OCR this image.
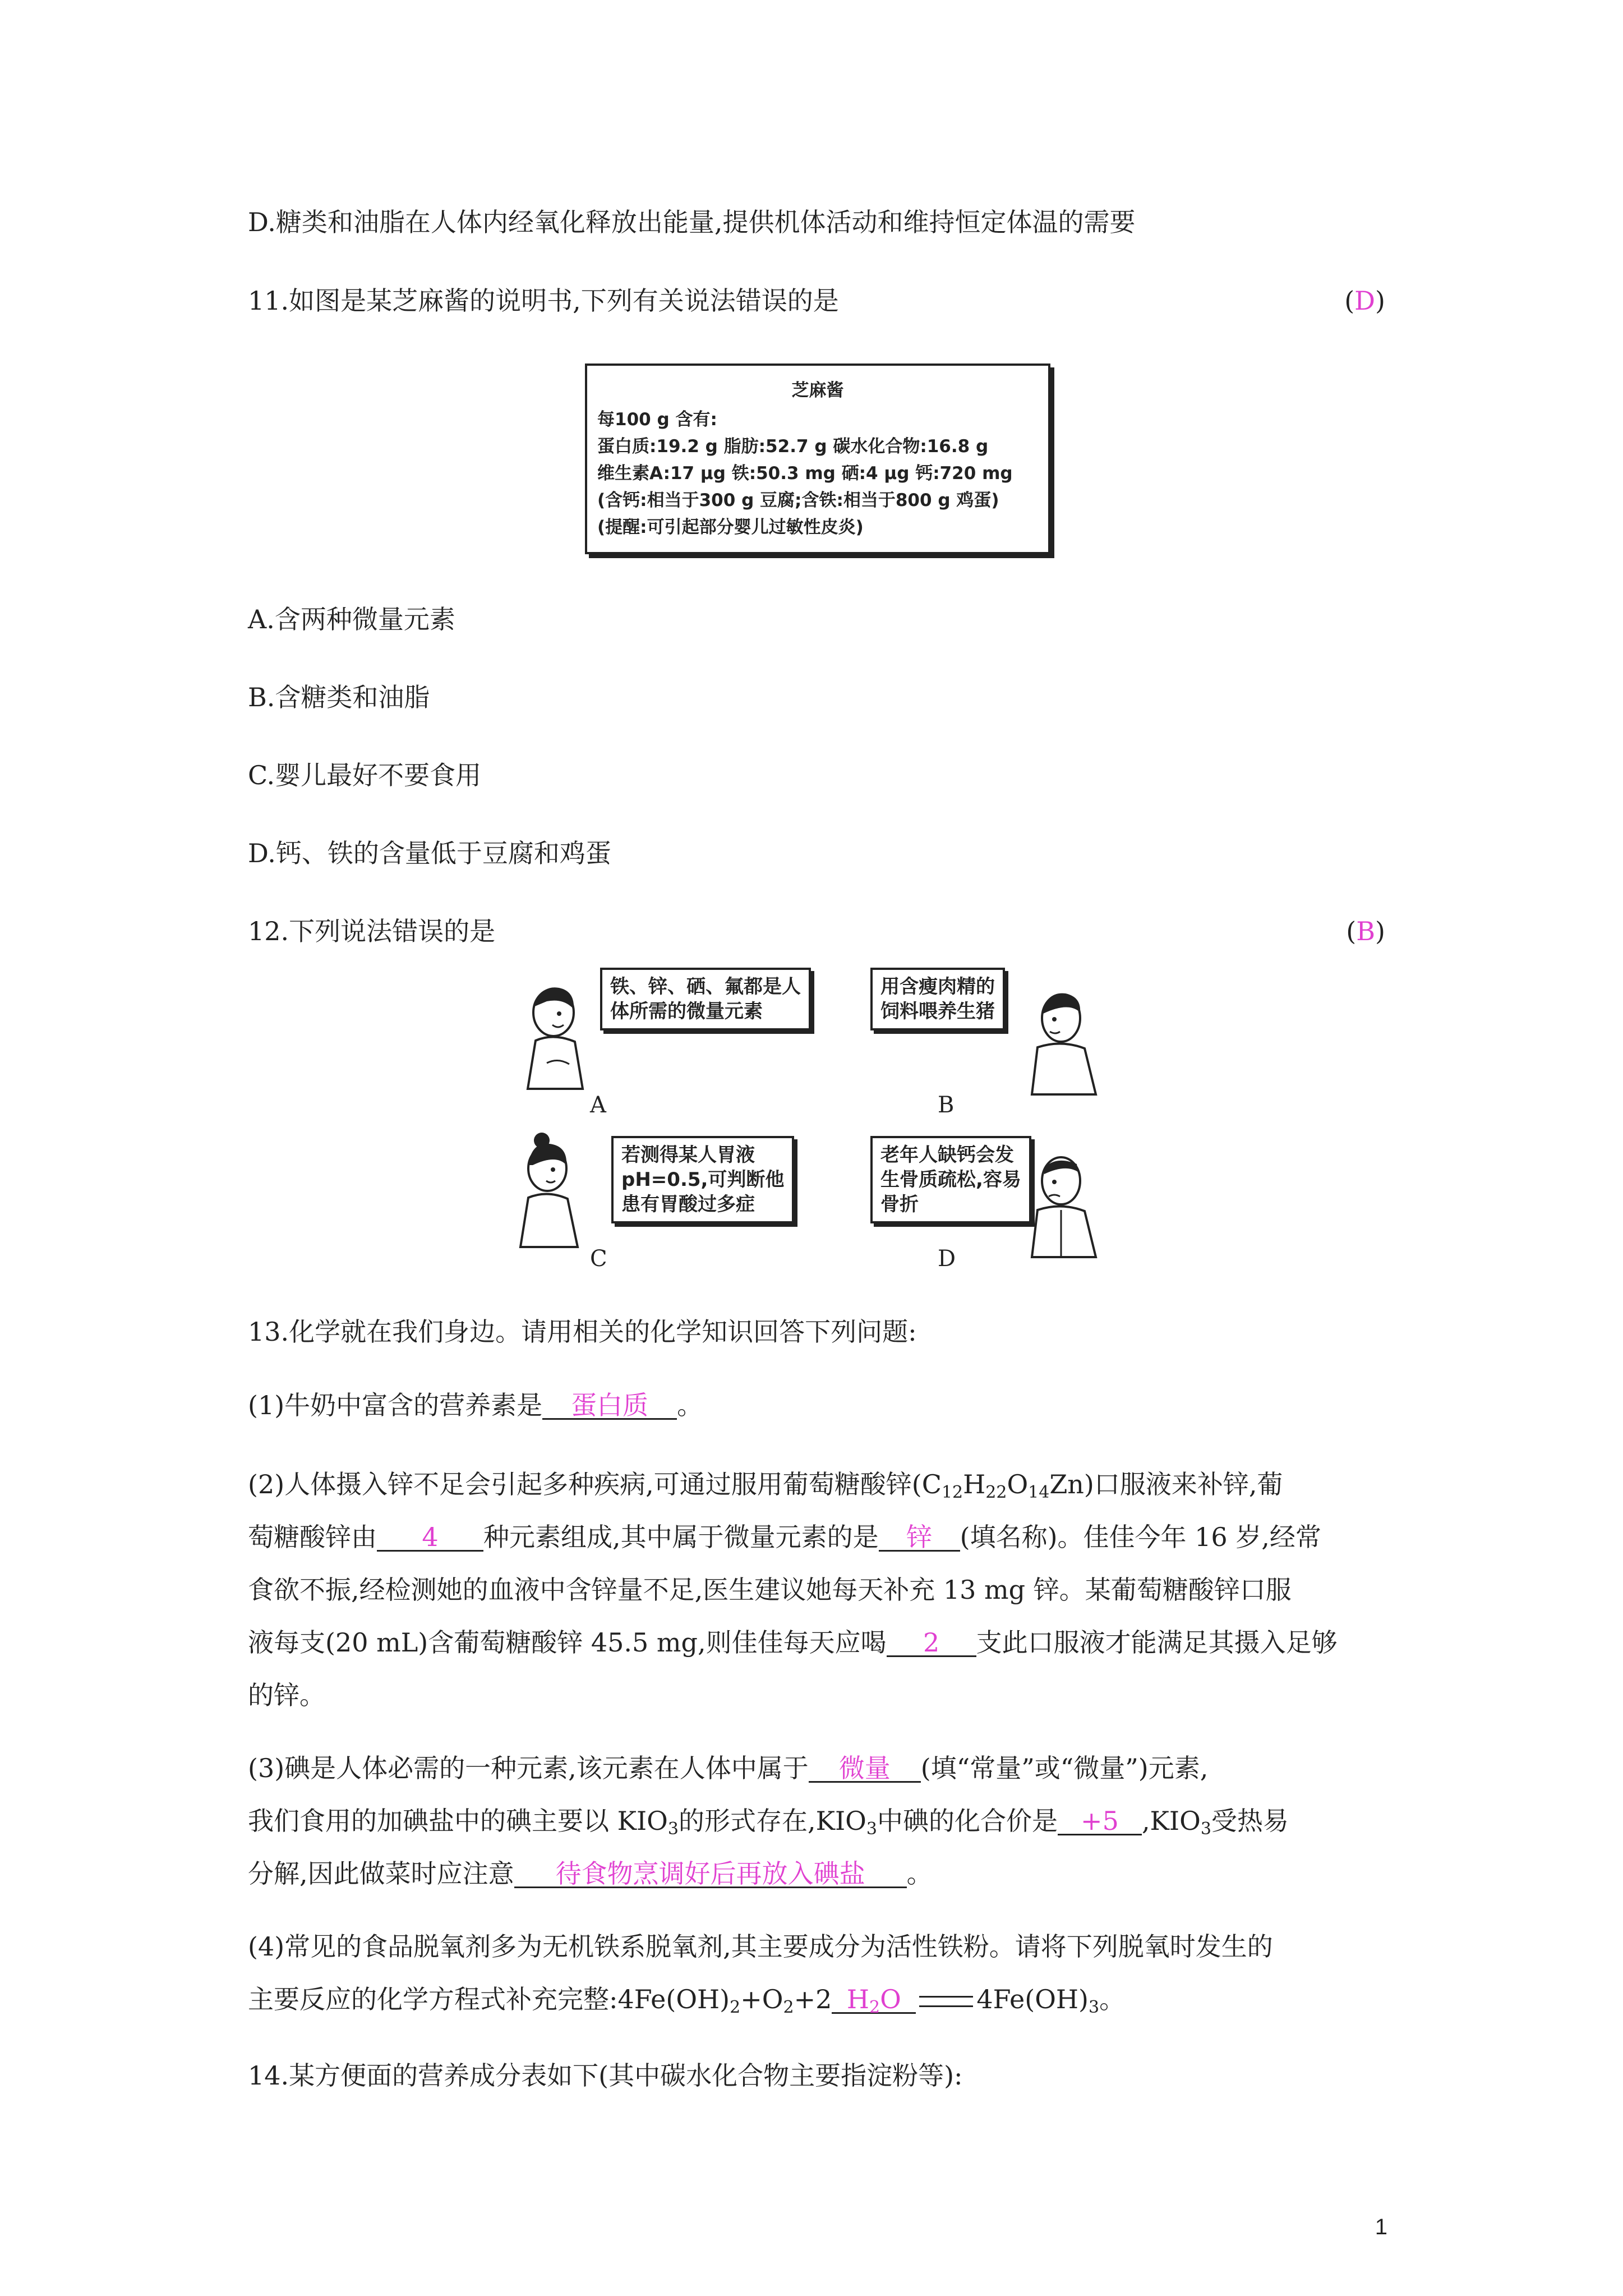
D.糖类和油脂在人体内经氧化释放出能量,提供机体活动和维持恒定体温的需要
11.如图是某芝麻酱的说明书,下列有关说法错误的是	(D)
芝麻酱
每100 g 含有:
蛋白质:19.2 g 脂肪:52.7 g 碳水化合物:16.8 g
维生素A:17 μg 铁:50.3 mg 硒:4 μg 钙:720 mg
(含钙:相当于300 g 豆腐;含铁:相当于800 g 鸡蛋)
(提醒:可引起部分婴儿过敏性皮炎)
A.含两种微量元素
B.含糖类和油脂
C.婴儿最好不要食用
D.钙、铁的含量低于豆腐和鸡蛋
12.下列说法错误的是	(B)
铁、锌、硒、氟都是人
体所需的微量元素
A
用含瘦肉精的
饲料喂养生猪
B
若测得某人胃液
pH=0.5,可判断他
患有胃酸过多症
C
老年人缺钙会发
生骨质疏松,容易
骨折
D
13.化学就在我们身边。请用相关的化学知识回答下列问题:
(1)牛奶中富含的营养素是 蛋白质 。
(2)人体摄入锌不足会引起多种疾病,可通过服用葡萄糖酸锌$(C_{12}H_{22}O_{14}Zn)$口服液来补锌,葡
萄糖酸锌由 4 种元素组成,其中属于微量元素的是 锌 (填名称)。佳佳今年 16 岁,经常
食欲不振,经检测她的血液中含锌量不足,医生建议她每天补充 13 mg 锌。某葡萄糖酸锌口服
液每支(20 mL)含葡萄糖酸锌 45.5 mg,则佳佳每天应喝 2 支此口服液才能满足其摄入足够
的锌。
(3)碘是人体必需的一种元素,该元素在人体中属于 微量 (填“常量”或“微量”)元素,
我们食用的加碘盐中的碘主要以 $KIO_3$的形式存在$,KIO_3$中碘的化合价是 +5 $,KIO_3$受热易
分解,因此做菜时应注意 待食物烹调好后再放入碘盐 。
(4)常见的食品脱氧剂多为无机铁系脱氧剂,其主要成分为活性铁粉。请将下列脱氧时发生的
主要反应的化学方程式补充完整$:4Fe(OH)_2+O_2+2$ $H_2O$	$4Fe(OH)_3$。
14.某方便面的营养成分表如下(其中碳水化合物主要指淀粉等):
1
